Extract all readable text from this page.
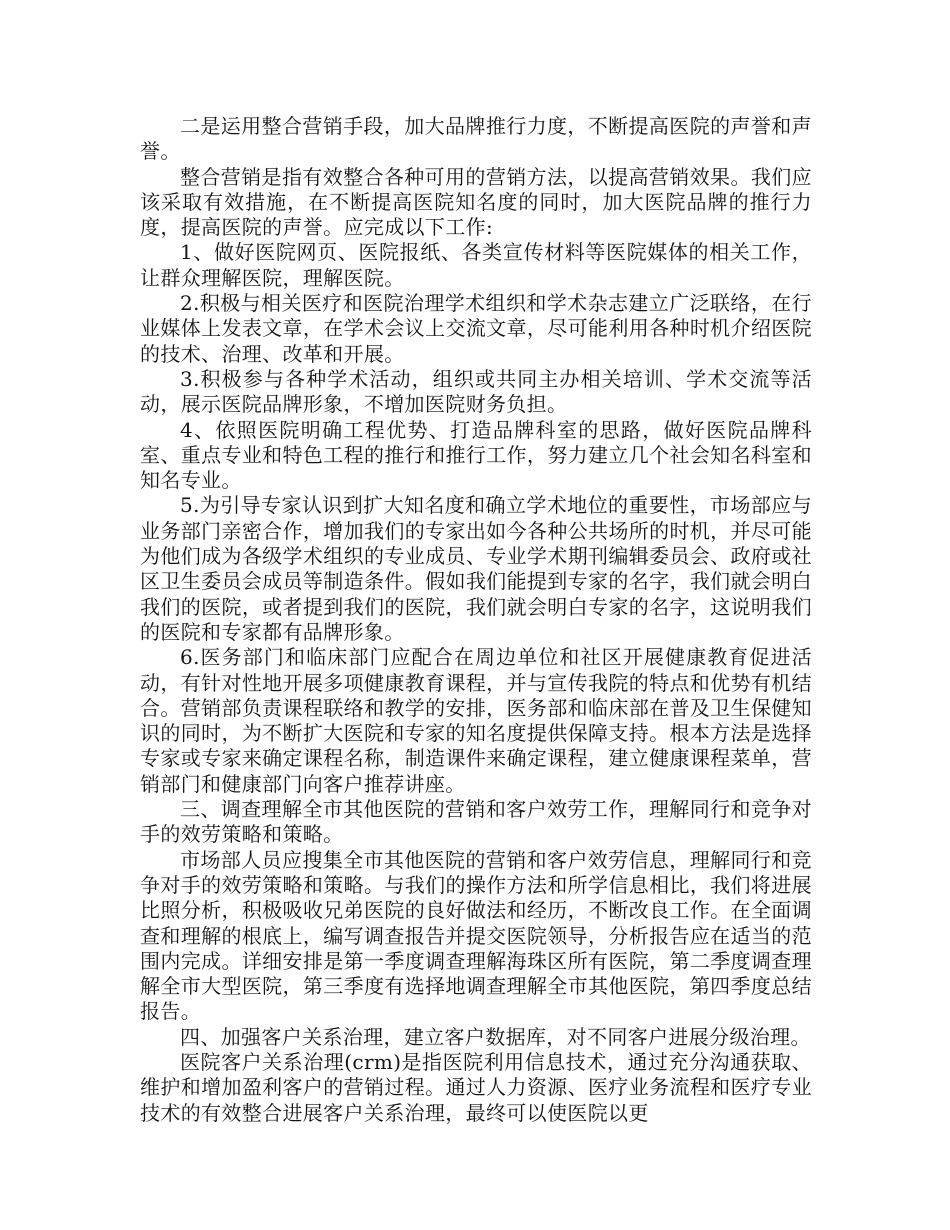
二是运用整合营销手段，加大品牌推行力度，不断提高医院的声誉和声誉。

整合营销是指有效整合各种可用的营销方法，以提高营销效果。我们应该采取有效措施，在不断提高医院知名度的同时，加大医院品牌的推行力度，提高医院的声誉。应完成以下工作:

1、做好医院网页、医院报纸、各类宣传材料等医院媒体的相关工作，让群众理解医院，理解医院。

2.积极与相关医疗和医院治理学术组织和学术杂志建立广泛联络，在行业媒体上发表文章，在学术会议上交流文章，尽可能利用各种时机介绍医院的技术、治理、改革和开展。

3.积极参与各种学术活动，组织或共同主办相关培训、学术交流等活动，展示医院品牌形象，不增加医院财务负担。

4、依照医院明确工程优势、打造品牌科室的思路，做好医院品牌科室、重点专业和特色工程的推行和推行工作，努力建立几个社会知名科室和知名专业。

5.为引导专家认识到扩大知名度和确立学术地位的重要性，市场部应与业务部门亲密合作，增加我们的专家出如今各种公共场所的时机，并尽可能为他们成为各级学术组织的专业成员、专业学术期刊编辑委员会、政府或社区卫生委员会成员等制造条件。假如我们能提到专家的名字，我们就会明白我们的医院，或者提到我们的医院，我们就会明白专家的名字，这说明我们的医院和专家都有品牌形象。

6.医务部门和临床部门应配合在周边单位和社区开展健康教育促进活动，有针对性地开展多项健康教育课程，并与宣传我院的特点和优势有机结合。营销部负责课程联络和教学的安排，医务部和临床部在普及卫生保健知识的同时，为不断扩大医院和专家的知名度提供保障支持。根本方法是选择专家或专家来确定课程名称，制造课件来确定课程，建立健康课程菜单，营销部门和健康部门向客户推荐讲座。

三、调查理解全市其他医院的营销和客户效劳工作，理解同行和竞争对手的效劳策略和策略。

市场部人员应搜集全市其他医院的营销和客户效劳信息，理解同行和竞争对手的效劳策略和策略。与我们的操作方法和所学信息相比，我们将进展比照分析，积极吸收兄弟医院的良好做法和经历，不断改良工作。在全面调查和理解的根底上，编写调查报告并提交医院领导，分析报告应在适当的范围内完成。详细安排是第一季度调查理解海珠区所有医院，第二季度调查理解全市大型医院，第三季度有选择地调查理解全市其他医院，第四季度总结报告。

四、加强客户关系治理，建立客户数据库，对不同客户进展分级治理。

医院客户关系治理(crm)是指医院利用信息技术，通过充分沟通获取、维护和增加盈利客户的营销过程。通过人力资源、医疗业务流程和医疗专业技术的有效整合进展客户关系治理，最终可以使医院以更
